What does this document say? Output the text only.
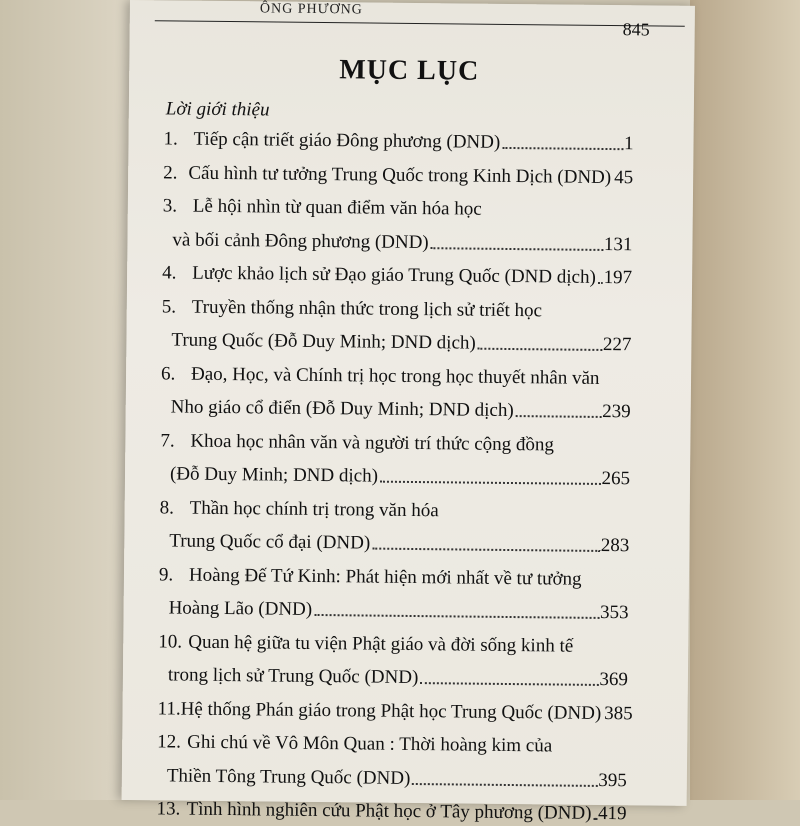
ÔNG PHƯƠNG
845
MỤC LỤC
Lời giới thiệu
1. Tiếp cận triết giáo Đông phương (DND)	1
2. Cấu hình tư tưởng Trung Quốc trong Kinh Dịch (DND) 45
3. Lễ hội nhìn từ quan điểm văn hóa học
và bối cảnh Đông phương (DND)	131
4. Lược khảo lịch sử Đạo giáo Trung Quốc (DND dịch) 197
5. Truyền thống nhận thức trong lịch sử triết học
Trung Quốc (Đỗ Duy Minh; DND dịch)	227
6. Đạo, Học, và Chính trị học trong học thuyết nhân văn
Nho giáo cổ điển (Đỗ Duy Minh; DND dịch)	239
7. Khoa học nhân văn và người trí thức cộng đồng
(Đỗ Duy Minh; DND dịch)	265
8. Thần học chính trị trong văn hóa
Trung Quốc cổ đại (DND)	283
9. Hoàng Đế Tứ Kinh: Phát hiện mới nhất về tư tưởng
Hoàng Lão (DND)	353
10. Quan hệ giữa tu viện Phật giáo và đời sống kinh tế
trong lịch sử Trung Quốc (DND)	369
11. Hệ thống Phán giáo trong Phật học Trung Quốc (DND) 385
12. Ghi chú về Vô Môn Quan : Thời hoàng kim của
Thiền Tông Trung Quốc (DND)	395
13. Tình hình nghiên cứu Phật học ở Tây phương (DND) 419
